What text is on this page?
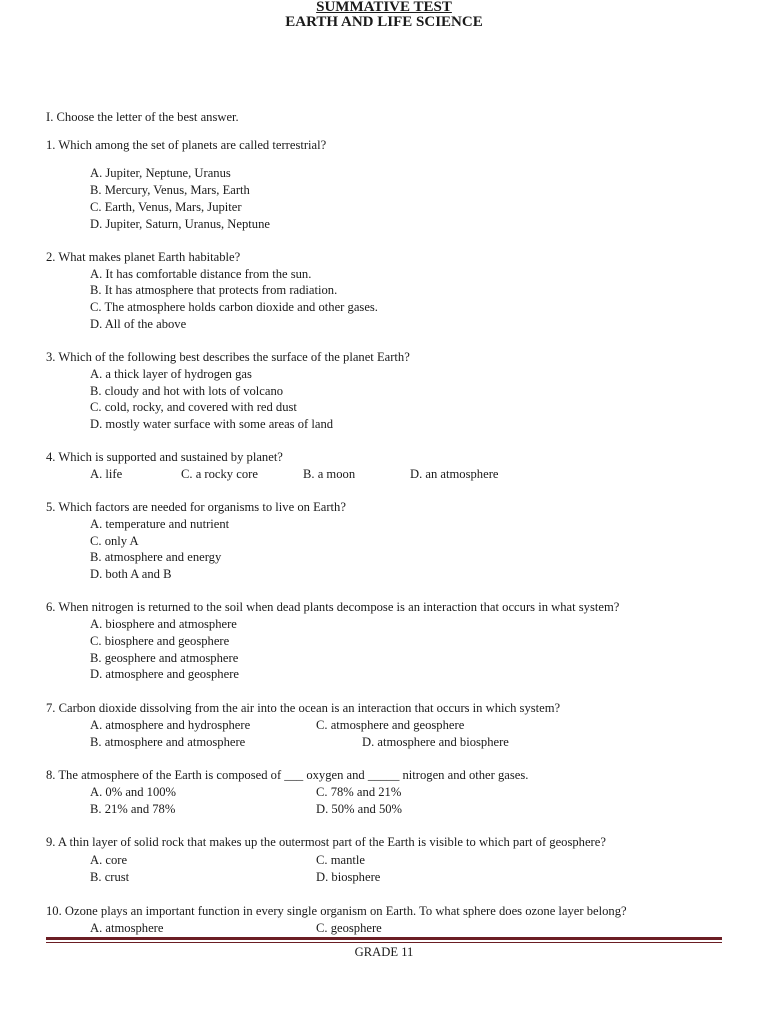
SUMMATIVE TEST
EARTH AND LIFE SCIENCE
I. Choose the letter of the best answer.
1. Which among the set of planets are called terrestrial?
A. Jupiter, Neptune, Uranus
B. Mercury, Venus, Mars, Earth
C. Earth, Venus, Mars, Jupiter
D. Jupiter, Saturn, Uranus, Neptune
2. What makes planet Earth habitable?
A. It has comfortable distance from the sun.
B. It has atmosphere that protects from radiation.
C. The atmosphere holds carbon dioxide and other gases.
D. All of the above
3. Which of the following best describes the surface of the planet Earth?
A. a thick layer of hydrogen gas
B. cloudy and hot with lots of volcano
C. cold, rocky, and covered with red dust
D. mostly water surface with some areas of land
4. Which is supported and sustained by planet?
A. life	C. a rocky core	B. a moon	D. an atmosphere
5. Which factors are needed for organisms to live on Earth?
A. temperature and nutrient
C. only A
B. atmosphere and energy
D. both A and B
6. When nitrogen is returned to the soil when dead plants decompose is an interaction that occurs in what system?
A. biosphere and atmosphere
C. biosphere and geosphere
B. geosphere and atmosphere
D. atmosphere and geosphere
7. Carbon dioxide dissolving from the air into the ocean is an interaction that occurs in which system?
A. atmosphere and hydrosphere	C. atmosphere and geosphere
B. atmosphere and atmosphere	D. atmosphere and biosphere
8. The atmosphere of the Earth is composed of ___ oxygen and _____ nitrogen and other gases.
A. 0% and 100%	C. 78% and 21%
B. 21% and 78%	D. 50% and 50%
9. A thin layer of solid rock that makes up the outermost part of the Earth is visible to which part of geosphere?
A. core	C. mantle
B. crust	D. biosphere
10. Ozone plays an important function in every single organism on Earth. To what sphere does ozone layer belong?
A. atmosphere	C. geosphere
GRADE 11
